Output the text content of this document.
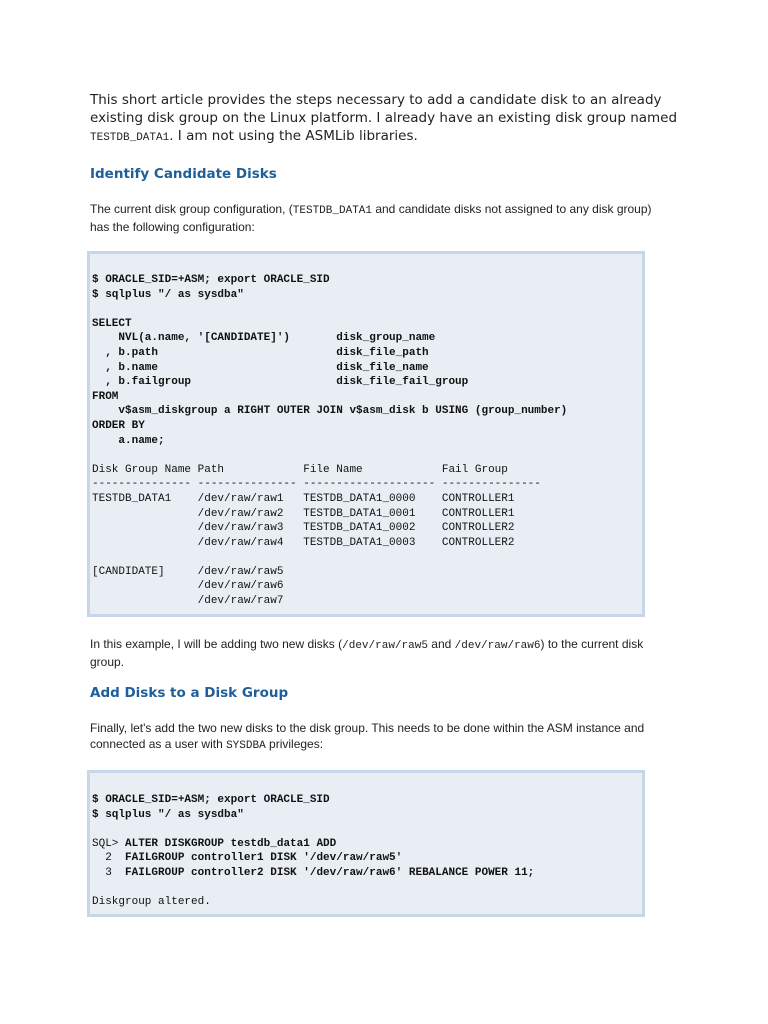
This short article provides the steps necessary to add a candidate disk to an already existing disk group on the Linux platform. I already have an existing disk group named TESTDB_DATA1. I am not using the ASMLib libraries.

Identify Candidate Disks

The current disk group configuration, (TESTDB_DATA1 and candidate disks not assigned to any disk group) has the following configuration:

$ ORACLE_SID=+ASM; export ORACLE_SID
$ sqlplus "/ as sysdba"
SELECT
NVL(a.name, '[CANDIDATE]')       disk_group_name
, b.path                           disk_file_path
, b.name                           disk_file_name
, b.failgroup                      disk_file_fail_group
FROM
v$asm_diskgroup a RIGHT OUTER JOIN v$asm_disk b USING (group_number)
ORDER BY
a.name;
Disk Group Name Path            File Name            Fail Group
--------------- --------------- -------------------- ---------------
TESTDB_DATA1    /dev/raw/raw1   TESTDB_DATA1_0000    CONTROLLER1
/dev/raw/raw2   TESTDB_DATA1_0001    CONTROLLER1
/dev/raw/raw3   TESTDB_DATA1_0002    CONTROLLER2
/dev/raw/raw4   TESTDB_DATA1_0003    CONTROLLER2
[CANDIDATE]     /dev/raw/raw5
/dev/raw/raw6
/dev/raw/raw7

In this example, I will be adding two new disks (/dev/raw/raw5 and /dev/raw/raw6) to the current disk group.

Add Disks to a Disk Group

Finally, let's add the two new disks to the disk group. This needs to be done within the ASM instance and connected as a user with SYSDBA privileges:

$ ORACLE_SID=+ASM; export ORACLE_SID
$ sqlplus "/ as sysdba"
SQL> ALTER DISKGROUP testdb_data1 ADD
2  FAILGROUP controller1 DISK '/dev/raw/raw5'
3  FAILGROUP controller2 DISK '/dev/raw/raw6' REBALANCE POWER 11;
Diskgroup altered.
